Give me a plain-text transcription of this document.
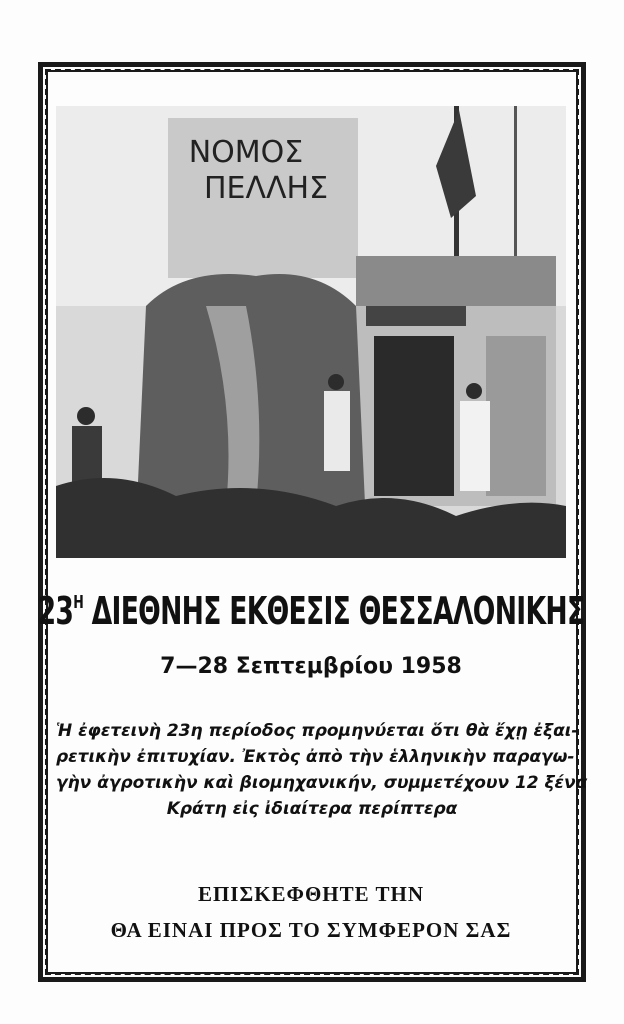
ΝΟΜΟΣ
ΠΕΛΛΗΣ
$23^H$ ΔΙΕΘΝΗΣ ΕΚΘΕΣΙΣ ΘΕΣΣΑΛΟΝΙΚΗΣ
7—28 Σεπτεμβρίου 1958
Ἡ ἐφετεινὴ 23η περίοδος προμηνύεται ὅτι θὰ ἔχῃ ἐξαι-
ρετικὴν ἐπιτυχίαν. Ἐκτὸς ἀπὸ τὴν ἑλληνικὴν παραγω-
γὴν ἀγροτικὴν καὶ βιομηχανικήν, συμμετέχουν 12 ξένα
Κράτη εἰς ἰδιαίτερα περίπτερα
ΕΠΙΣΚΕΦΘΗΤΕ ΤΗΝ
ΘΑ ΕΙΝΑΙ ΠΡΟΣ ΤΟ ΣΥΜΦΕΡΟΝ ΣΑΣ
